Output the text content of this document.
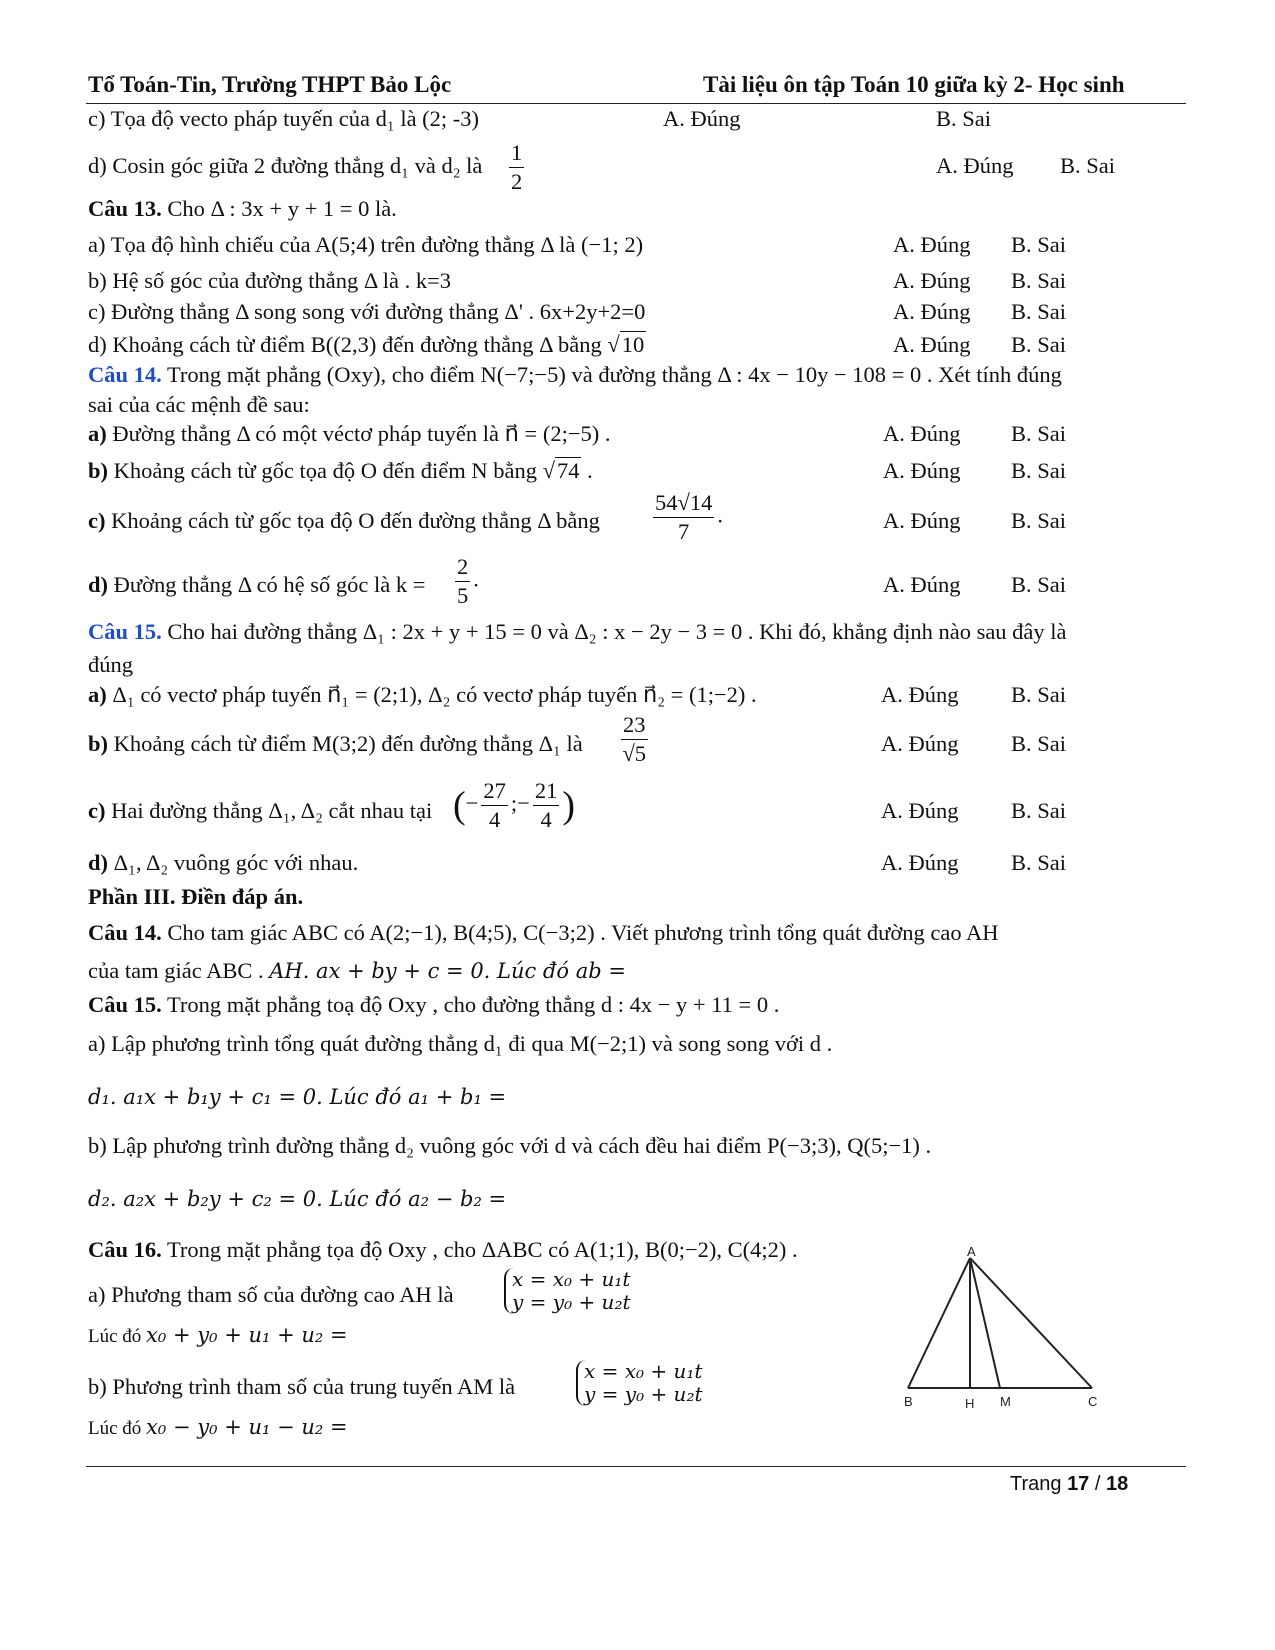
Tổ Toán-Tin, Trường THPT Bảo Lộc	Tài liệu ôn tập Toán 10 giữa kỳ 2- Học sinh
c) Tọa độ vecto pháp tuyến của d₁ là (2; -3)	A. Đúng	B. Sai
d) Cosin góc giữa 2 đường thẳng d₁ và d₂ là $\frac{1}{2}$	A. Đúng B. Sai
Câu 13. Cho Δ : 3x + y + 1 = 0 là.
a) Tọa độ hình chiếu của A(5;4) trên đường thẳng Δ là (−1; 2)	A. Đúng B. Sai
b) Hệ số góc của đường thẳng Δ là . k=3	A. Đúng B. Sai
c) Đường thẳng Δ song song với đường thẳng Δ' . 6x+2y+2=0	A. Đúng B. Sai
d) Khoảng cách từ điểm B((2,3) đến đường thẳng Δ bằng √10	A. Đúng B. Sai
Câu 14. Trong mặt phẳng (Oxy), cho điểm N(−7;−5) và đường thẳng Δ : 4x − 10y − 108 = 0 . Xét tính đúng
sai của các mệnh đề sau:
a) Đường thẳng Δ có một véctơ pháp tuyến là n⃗ = (2;−5) .	A. Đúng B. Sai
b) Khoảng cách từ gốc tọa độ O đến điểm N bằng √74 .	A. Đúng B. Sai
c) Khoảng cách từ gốc tọa độ O đến đường thẳng Δ bằng $\frac{54√14}{7}$ .	A. Đúng B. Sai
d) Đường thẳng Δ có hệ số góc là $k = \frac{2}{5}$ .	A. Đúng B. Sai
Câu 15. Cho hai đường thẳng Δ₁ : 2x + y + 15 = 0 và Δ₂ : x − 2y − 3 = 0 . Khi đó, khẳng định nào sau đây là
đúng
a) Δ₁ có vectơ pháp tuyến n⃗₁ = (2;1), Δ₂ có vectơ pháp tuyến n⃗₂ = (1;−2) .	A. Đúng B. Sai
b) Khoảng cách từ điểm M(3;2) đến đường thẳng Δ₁ là $\frac{23}{√5}$	A. Đúng B. Sai
c) Hai đường thẳng Δ₁, Δ₂ cắt nhau tại (− $\frac{27}{4}$ ;− $\frac{21}{4}$ )	A. Đúng B. Sai
d) Δ₁, Δ₂ vuông góc với nhau.	A. Đúng B. Sai
Phần III. Điền đáp án.
Câu 14. Cho tam giác ABC có A(2;−1), B(4;5), C(−3;2) . Viết phương trình tổng quát đường cao AH
của tam giác ABC . AH. ax + by + c = 0. Lúc đó ab =
Câu 15. Trong mặt phẳng toạ độ Oxy , cho đường thẳng d : 4x − y + 11 = 0 .
a) Lập phương trình tổng quát đường thẳng d₁ đi qua M(−2;1) và song song với d .
d₁. a₁x + b₁y + c₁ = 0. Lúc đó a₁ + b₁ =
b) Lập phương trình đường thẳng d₂ vuông góc với d và cách đều hai điểm P(−3;3), Q(5;−1) .
d₂. a₂x + b₂y + c₂ = 0. Lúc đó a₂ − b₂ =
Câu 16. Trong mặt phẳng tọa độ Oxy , cho ΔABC có A(1;1), B(0;−2), C(4;2) .
a) Phương tham số của đường cao AH là
x = x₀ + u₁t
y = y₀ + u₂t
Lúc đó x₀ + y₀ + u₁ + u₂ =
b) Phương trình tham số của trung tuyến AM là
x = x₀ + u₁t
y = y₀ + u₂t
Lúc đó x₀ − y₀ + u₁ − u₂ =
A
B	H M	C
Trang 17 / 18
